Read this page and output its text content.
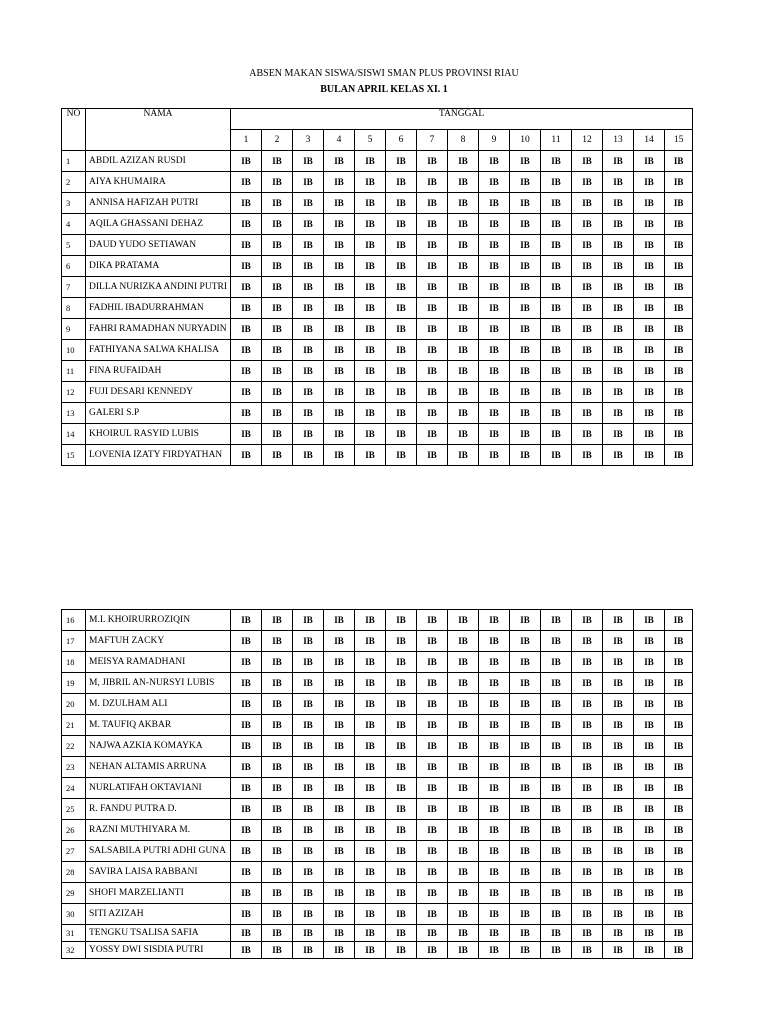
ABSEN MAKAN SISWA/SISWI SMAN PLUS PROVINSI RIAU
BULAN APRIL KELAS XI. 1
NO	NAMA	TANGGAL														
		1	2	3	4	5	6	7	8	9	10	11	12	13	14	15
1	ABDIL AZIZAN RUSDI	IB	IB	IB	IB	IB	IB	IB	IB	IB	IB	IB	IB	IB	IB	IB
2	AIYA KHUMAIRA	IB	IB	IB	IB	IB	IB	IB	IB	IB	IB	IB	IB	IB	IB	IB
3	ANNISA HAFIZAH PUTRI	IB	IB	IB	IB	IB	IB	IB	IB	IB	IB	IB	IB	IB	IB	IB
4	AQILA GHASSANI DEHAZ	IB	IB	IB	IB	IB	IB	IB	IB	IB	IB	IB	IB	IB	IB	IB
5	DAUD YUDO SETIAWAN	IB	IB	IB	IB	IB	IB	IB	IB	IB	IB	IB	IB	IB	IB	IB
6	DIKA PRATAMA	IB	IB	IB	IB	IB	IB	IB	IB	IB	IB	IB	IB	IB	IB	IB
7	DILLA NURIZKA ANDINI PUTRI	IB	IB	IB	IB	IB	IB	IB	IB	IB	IB	IB	IB	IB	IB	IB
8	FADHIL IBADURRAHMAN	IB	IB	IB	IB	IB	IB	IB	IB	IB	IB	IB	IB	IB	IB	IB
9	FAHRI RAMADHAN NURYADIN	IB	IB	IB	IB	IB	IB	IB	IB	IB	IB	IB	IB	IB	IB	IB
10	FATHIYANA SALWA KHALISA	IB	IB	IB	IB	IB	IB	IB	IB	IB	IB	IB	IB	IB	IB	IB
11	FINA RUFAIDAH	IB	IB	IB	IB	IB	IB	IB	IB	IB	IB	IB	IB	IB	IB	IB
12	FUJI DESARI KENNEDY	IB	IB	IB	IB	IB	IB	IB	IB	IB	IB	IB	IB	IB	IB	IB
13	GALERI S.P	IB	IB	IB	IB	IB	IB	IB	IB	IB	IB	IB	IB	IB	IB	IB
14	KHOIRUL RASYID LUBIS	IB	IB	IB	IB	IB	IB	IB	IB	IB	IB	IB	IB	IB	IB	IB
15	LOVENIA IZATY FIRDYATHAN	IB	IB	IB	IB	IB	IB	IB	IB	IB	IB	IB	IB	IB	IB	IB
16	M.I. KHOIRURROZIQIN	IB	IB	IB	IB	IB	IB	IB	IB	IB	IB	IB	IB	IB	IB	IB
17	MAFTUH ZACKY	IB	IB	IB	IB	IB	IB	IB	IB	IB	IB	IB	IB	IB	IB	IB
18	MEISYA RAMADHANI	IB	IB	IB	IB	IB	IB	IB	IB	IB	IB	IB	IB	IB	IB	IB
19	M, JIBRIL AN-NURSYI LUBIS	IB	IB	IB	IB	IB	IB	IB	IB	IB	IB	IB	IB	IB	IB	IB
20	M. DZULHAM ALI	IB	IB	IB	IB	IB	IB	IB	IB	IB	IB	IB	IB	IB	IB	IB
21	M. TAUFIQ AKBAR	IB	IB	IB	IB	IB	IB	IB	IB	IB	IB	IB	IB	IB	IB	IB
22	NAJWA AZKIA KOMAYKA	IB	IB	IB	IB	IB	IB	IB	IB	IB	IB	IB	IB	IB	IB	IB
23	NEHAN ALTAMIS ARRUNA	IB	IB	IB	IB	IB	IB	IB	IB	IB	IB	IB	IB	IB	IB	IB
24	NURLATIFAH OKTAVIANI	IB	IB	IB	IB	IB	IB	IB	IB	IB	IB	IB	IB	IB	IB	IB
25	R. FANDU PUTRA D.	IB	IB	IB	IB	IB	IB	IB	IB	IB	IB	IB	IB	IB	IB	IB
26	RAZNI MUTHIYARA M.	IB	IB	IB	IB	IB	IB	IB	IB	IB	IB	IB	IB	IB	IB	IB
27	SALSABILA PUTRI ADHI GUNA	IB	IB	IB	IB	IB	IB	IB	IB	IB	IB	IB	IB	IB	IB	IB
28	SAVIRA LAISA RABBANI	IB	IB	IB	IB	IB	IB	IB	IB	IB	IB	IB	IB	IB	IB	IB
29	SHOFI MARZELIANTI	IB	IB	IB	IB	IB	IB	IB	IB	IB	IB	IB	IB	IB	IB	IB
30	SITI AZIZAH	IB	IB	IB	IB	IB	IB	IB	IB	IB	IB	IB	IB	IB	IB	IB
31	TENGKU TSALISA SAFIA	IB	IB	IB	IB	IB	IB	IB	IB	IB	IB	IB	IB	IB	IB	IB
32	YOSSY DWI SISDIA PUTRI	IB	IB	IB	IB	IB	IB	IB	IB	IB	IB	IB	IB	IB	IB	IB
